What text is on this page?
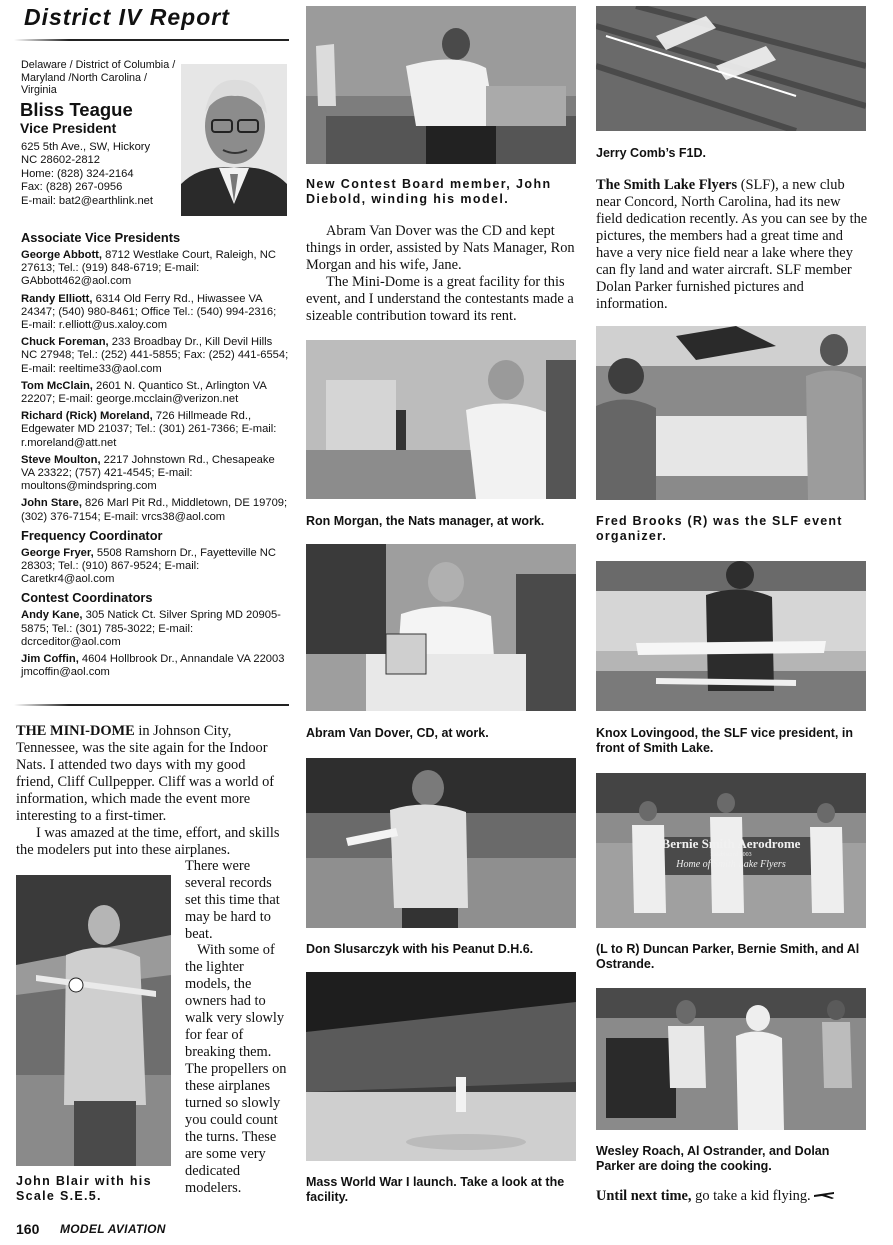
District IV Report
Delaware / District of Columbia / Maryland /North Carolina / Virginia
Bliss Teague
Vice President
625 5th Ave., SW, Hickory
NC 28602-2812
Home: (828) 324-2164
Fax: (828) 267-0956
E-mail: bat2@earthlink.net
Associate Vice Presidents
George Abbott, 8712 Westlake Court, Raleigh, NC 27613; Tel.: (919) 848-6719; E-mail: GAbbott462@aol.com
Randy Elliott, 6314 Old Ferry Rd., Hiwassee VA 24347; (540) 980-8461; Office Tel.: (540) 994-2316; E-mail: r.elliott@us.xaloy.com
Chuck Foreman, 233 Broadbay Dr., Kill Devil Hills NC 27948; Tel.: (252) 441-5855; Fax: (252) 441-6554; E-mail: reeltime33@aol.com
Tom McClain, 2601 N. Quantico St., Arlington VA 22207; E-mail: george.mcclain@verizon.net
Richard (Rick) Moreland, 726 Hillmeade Rd., Edgewater MD 21037; Tel.: (301) 261-7366; E-mail: r.moreland@att.net
Steve Moulton, 2217 Johnstown Rd., Chesapeake VA 23322; (757) 421-4545; E-mail: moultons@mindspring.com
John Stare, 826 Marl Pit Rd., Middletown, DE 19709; (302) 376-7154; E-mail: vrcs38@aol.com
Frequency Coordinator
George Fryer, 5508 Ramshorn Dr., Fayetteville NC 28303; Tel.: (910) 867-9524; E-mail: Caretkr4@aol.com
Contest Coordinators
Andy Kane, 305 Natick Ct. Silver Spring MD 20905-5875; Tel.: (301) 785-3022; E-mail: dcrceditor@aol.com
Jim Coffin, 4604 Hollbrook Dr., Annandale VA 22003 jmcoffin@aol.com
THE MINI-DOME in Johnson City, Tennessee, was the site again for the Indoor Nats. I attended two days with my good friend, Cliff Cullpepper. Cliff was a world of information, which made the event more interesting to a first-timer.
I was amazed at the time, effort, and skills the modelers put into these airplanes.
There were several records set this time that may be hard to beat.
With some of the lighter models, the owners had to walk very slowly for fear of breaking them. The propellers on these airplanes turned so slowly you could count the turns. These are some very dedicated modelers.
John Blair with his Scale S.E.5.
New Contest Board member, John Diebold, winding his model.
Abram Van Dover was the CD and kept things in order, assisted by Nats Manager, Ron Morgan and his wife, Jane.
The Mini-Dome is a great facility for this event, and I understand the contestants made a sizeable contribution toward its rent.
Ron Morgan, the Nats manager, at work.
Abram Van Dover, CD, at work.
Don Slusarczyk with his Peanut D.H.6.
Mass World War I launch. Take a look at the facility.
Jerry Comb’s F1D.
The Smith Lake Flyers (SLF), a new club near Concord, North Carolina, had its new field dedication recently. As you can see by the pictures, the members had a great time and have a very nice field near a lake where they can fly land and water aircraft. SLF member Dolan Parker furnished pictures and information.
Fred Brooks (R) was the SLF event organizer.
Knox Lovingood, the SLF vice president, in front of Smith Lake.
Bernie Smith Aerodrome
Established 2003
Home of Smith Lake Flyers
(L to R) Duncan Parker, Bernie Smith, and Al Ostrande.
Wesley Roach, Al Ostrander, and Dolan Parker are doing the cooking.
Until next time, go take a kid flying.
160 MODEL AVIATION
